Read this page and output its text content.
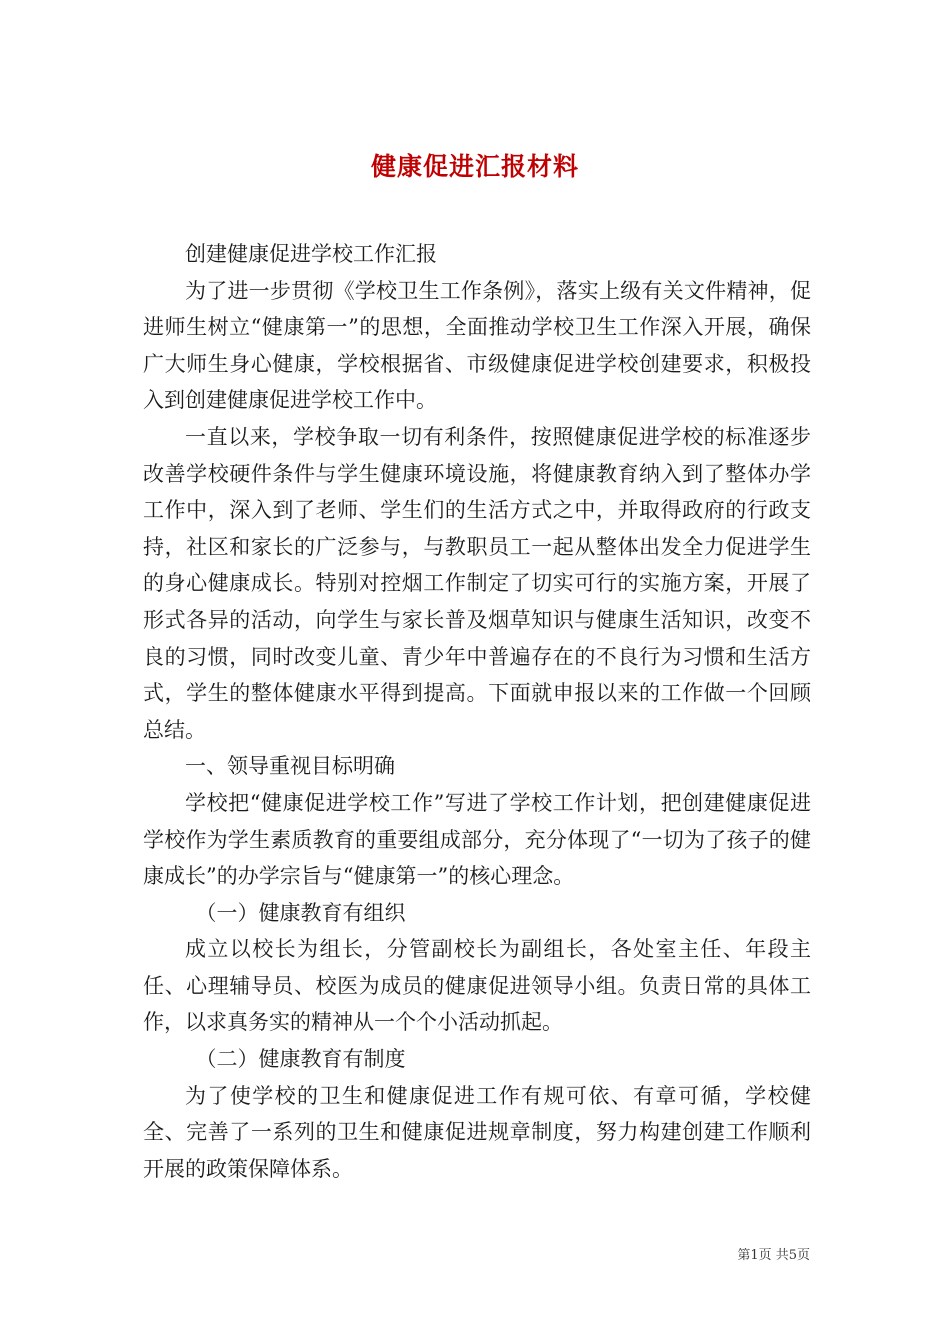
健康促进汇报材料

创建健康促进学校工作汇报

为了进一步贯彻《学校卫生工作条例》，落实上级有关文件精神，促进师生树立“健康第一”的思想，全面推动学校卫生工作深入开展，确保广大师生身心健康，学校根据省、市级健康促进学校创建要求，积极投入到创建健康促进学校工作中。

一直以来，学校争取一切有利条件，按照健康促进学校的标准逐步改善学校硬件条件与学生健康环境设施，将健康教育纳入到了整体办学工作中，深入到了老师、学生们的生活方式之中，并取得政府的行政支持，社区和家长的广泛参与，与教职员工一起从整体出发全力促进学生的身心健康成长。特别对控烟工作制定了切实可行的实施方案，开展了形式各异的活动，向学生与家长普及烟草知识与健康生活知识，改变不良的习惯，同时改变儿童、青少年中普遍存在的不良行为习惯和生活方式，学生的整体健康水平得到提高。下面就申报以来的工作做一个回顾总结。

一、领导重视目标明确

学校把“健康促进学校工作”写进了学校工作计划，把创建健康促进学校作为学生素质教育的重要组成部分，充分体现了“一切为了孩子的健康成长”的办学宗旨与“健康第一”的核心理念。

（一）健康教育有组织

成立以校长为组长，分管副校长为副组长，各处室主任、年段主任、心理辅导员、校医为成员的健康促进领导小组。负责日常的具体工作，以求真务实的精神从一个个小活动抓起。

（二）健康教育有制度

为了使学校的卫生和健康促进工作有规可依、有章可循，学校健全、完善了一系列的卫生和健康促进规章制度，努力构建创建工作顺利开展的政策保障体系。

第1页 共5页
